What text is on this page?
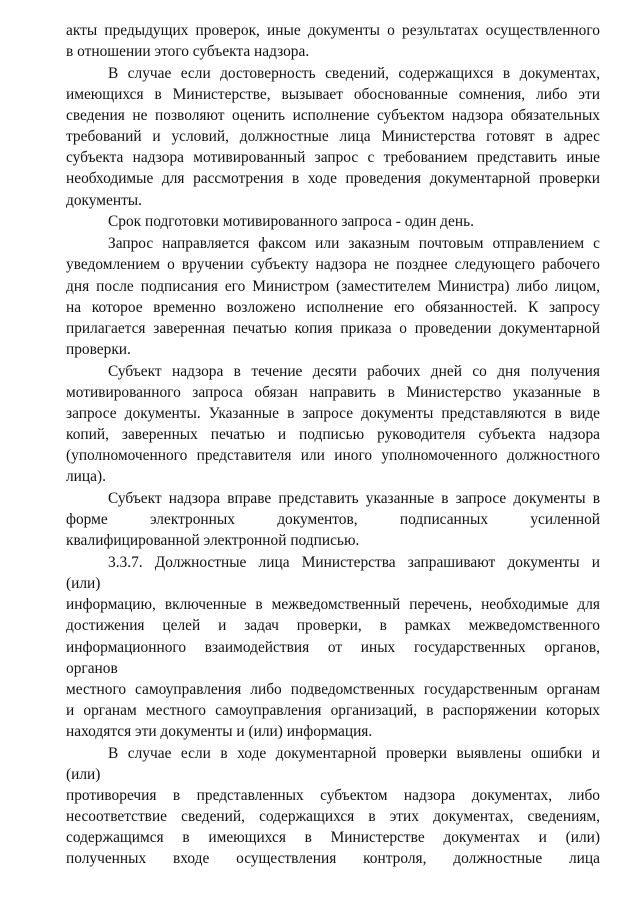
акты предыдущих проверок, иные документы о результатах осуществленного
в отношении этого субъекта надзора.
В случае если достоверность сведений, содержащихся в документах,
имеющихся в Министерстве, вызывает обоснованные сомнения, либо эти
сведения не позволяют оценить исполнение субъектом надзора обязательных
требований и условий, должностные лица Министерства готовят в адрес
субъекта надзора мотивированный запрос с требованием представить иные
необходимые для рассмотрения в ходе проведения документарной проверки
документы.
Срок подготовки мотивированного запроса - один день.
Запрос направляется факсом или заказным почтовым отправлением с
уведомлением о вручении субъекту надзора не позднее следующего рабочего
дня после подписания его Министром (заместителем Министра) либо лицом,
на которое временно возложено исполнение его обязанностей. К запросу
прилагается заверенная печатью копия приказа о проведении документарной
проверки.
Субъект надзора в течение десяти рабочих дней со дня получения
мотивированного запроса обязан направить в Министерство указанные в
запросе документы. Указанные в запросе документы представляются в виде
копий, заверенных печатью и подписью руководителя субъекта надзора
(уполномоченного представителя или иного уполномоченного должностного
лица).
Субъект надзора вправе представить указанные в запросе документы в
форме электронных документов, подписанных усиленной
квалифицированной электронной подписью.
3.3.7. Должностные лица Министерства запрашивают документы и
(или)
информацию, включенные в межведомственный перечень, необходимые для
достижения целей и задач проверки, в рамках межведомственного
информационного взаимодействия от иных государственных органов,
органов
местного самоуправления либо подведомственных государственным органам
и органам местного самоуправления организаций, в распоряжении которых
находятся эти документы и (или) информация.
В случае если в ходе документарной проверки выявлены ошибки и
(или)
противоречия в представленных субъектом надзора документах, либо
несоответствие сведений, содержащихся в этих документах, сведениям,
содержащимся в имеющихся в Министерстве документах и (или)
полученных входе осуществления контроля, должностные лица
